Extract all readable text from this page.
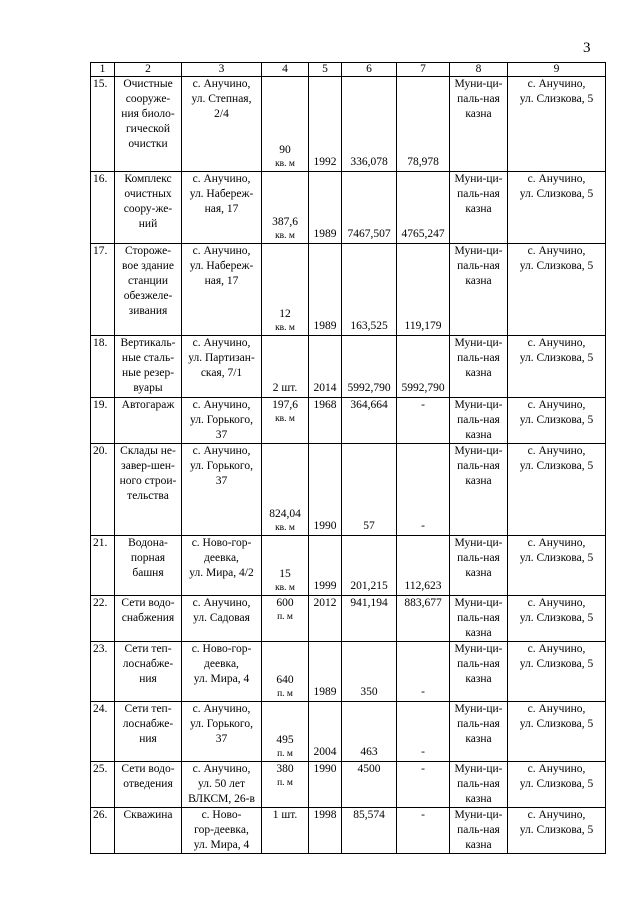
3
1	2	3	4	5	6	7	8	9
15.	Очистные
сооруже-
ния биоло-
гической
очистки	с. Анучино,
ул. Степная,
2/4	90
кв. м	1992	336,078	78,978	Муни-ци-
паль-ная
казна	с. Анучино,
ул. Слизкова, 5
16.	Комплекс
очистных
соору-же-
ний	с. Анучино,
ул. Набереж-
ная, 17	387,6
кв. м	1989	7467,507	4765,247	Муни-ци-
паль-ная
казна	с. Анучино,
ул. Слизкова, 5
17.	Стороже-
вое здание
станции
обезжеле-
зивания	с. Анучино,
ул. Набереж-
ная, 17	12
кв. м	1989	163,525	119,179	Муни-ци-
паль-ная
казна	с. Анучино,
ул. Слизкова, 5
18.	Вертикаль-
ные сталь-
ные резер-
вуары	с. Анучино,
ул. Партизан-
ская, 7/1	2 шт.	2014	5992,790	5992,790	Муни-ци-
паль-ная
казна	с. Анучино,
ул. Слизкова, 5
19.	Автогараж	с. Анучино,
ул. Горького,
37	197,6
кв. м	1968	364,664	-	Муни-ци-
паль-ная
казна	с. Анучино,
ул. Слизкова, 5
20.	Склады не-
завер-шен-
ного строи-
тельства	с. Анучино,
ул. Горького,
37	824,04
кв. м	1990	57	-	Муни-ци-
паль-ная
казна	с. Анучино,
ул. Слизкова, 5
21.	Водона-
порная
башня	с. Ново-гор-
деевка,
ул. Мира, 4/2	15
кв. м	1999	201,215	112,623	Муни-ци-
паль-ная
казна	с. Анучино,
ул. Слизкова, 5
22.	Сети водо-
снабжения	с. Анучино,
ул. Садовая	600
п. м	2012	941,194	883,677	Муни-ци-
паль-ная
казна	с. Анучино,
ул. Слизкова, 5
23.	Сети теп-
лоснабже-
ния	с. Ново-гор-
деевка,
ул. Мира, 4	640
п. м	1989	350	-	Муни-ци-
паль-ная
казна	с. Анучино,
ул. Слизкова, 5
24.	Сети теп-
лоснабже-
ния	с. Анучино,
ул. Горького,
37	495
п. м	2004	463	-	Муни-ци-
паль-ная
казна	с. Анучино,
ул. Слизкова, 5
25.	Сети водо-
отведения	с. Анучино,
ул. 50 лет
ВЛКСМ, 26-в	380
п. м	1990	4500	-	Муни-ци-
паль-ная
казна	с. Анучино,
ул. Слизкова, 5
26.	Скважина	с. Ново-
гор-деевка,
ул. Мира, 4	1 шт.	1998	85,574	-	Муни-ци-
паль-ная
казна	с. Анучино,
ул. Слизкова, 5
